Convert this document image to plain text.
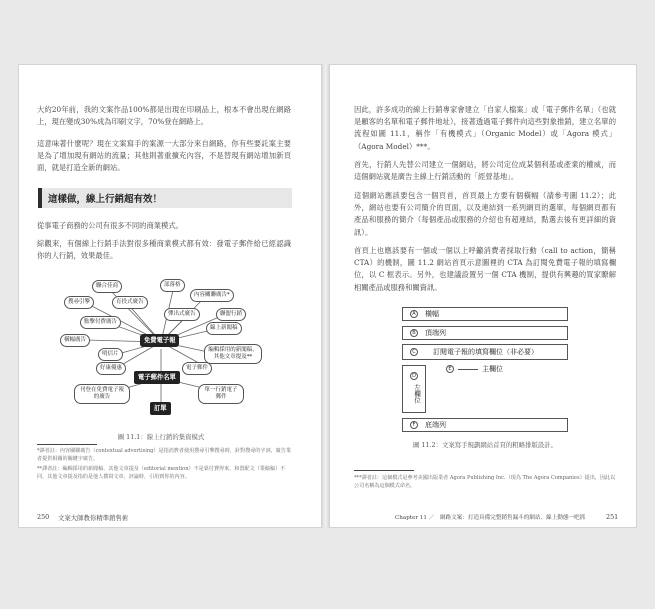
大約20年前，我的文案作品100%都是出現在印刷品上，根本不會出現在網路上，現在變成30%成為印刷文字，70%登在網路上。

這意味著什麼呢？現在文案寫手的案源一大部分來自網路，你有些要託案主要是為了增加現有網站的流量；其他則著重擴充內容，不是替現有網站增加新頁面，就是打造全新的網站。

這樣做，線上行銷超有效！

從事電子商務的公司有很多不同的商業模式。

綜觀來，有個線上行銷手法對很多種商業模式都有效：發電子郵件給已經認識你的人行銷，效果最佳。

聯合佳商
搜尋引擎	育投式廣告
部落格
內容關聯廣告*
彈出式廣告	聯盟行銷
點擊付費廣告
線上新聞稿
橫幅廣告	免費電子報
明信片
編輯採用的新聞稿、其他文章提及**
好康優惠	電子郵件
電子郵件名單
刊登在免費電子報的廣告
單一行銷電子郵件
訂單
圖 11.1：線上行銷的集資模式

*譯者註：內容關聯廣告（contextual advertising）是指消費者使用搜尋引擎搜尋時，針對搜尋的字詞，廣告業者提供相關的關鍵字廣告。

**譯者註：編輯採用的新聞稿、其他文章提及（editorial mention）不是靠付費得來，和置配文（業稿稿）不同，其他文章提及指的是他人撰寫文章、評論時，引用到你的內容。

250 文案大師教你精準銷售術

因此，許多成功的線上行銷專家會建立「自家人檔案」或「電子郵件名單」（也就是顧客的名單和電子郵件地址），接著透過電子郵件向這些對象推銷，建立名單的流程如圖 11.1，稱作「有機模式」（Organic Model）或「Agora 模式」（Agora Model）***。

首先，行銷人先替公司建立一個網站，將公司定位成某個利基或產業的權威，而這個網站就是廣告主線上行銷活動的「經營基地」。

這個網站應該要包含一個頁首，首頁最上方要有個橫幅（請參考圖 11.2）；此外，網站也要有公司簡介的頁面，以及連結到一系列網頁的選單，每個網頁都有產品和服務的簡介（每個產品或服務的介紹也有超連結，點選去後有更詳細的資訊）。

首頁上也應該要有一個或一個以上呼籲消費者採取行動（call to action，簡稱CTA）的機制，圖 11.2 網站首頁示意圖裡的 CTA 為訂閱免費電子報的填寫欄位，以 C 框表示。另外，也建議設置另一個 CTA 機制，提供有興趣的買家瞭解相關產品或服務和關資訊。

A	橫幅
B	頂端列
C	訂閱電子報的填寫欄位（非必要）
D
左欄位
E	主欄位
F	底端列
圖 11.2：文案寫手規劃網站首頁的粗略排版設計。

***譯者註：這個模式是參考美國出版業者 Agora Publishing Inc.（現為 The Agora Companies）提出，因此以公司名稱為這個模式命名。

Chapter 11 ／　網路文案：打造具備完整銷售漏斗的網站、線上動態一吧抓	251
